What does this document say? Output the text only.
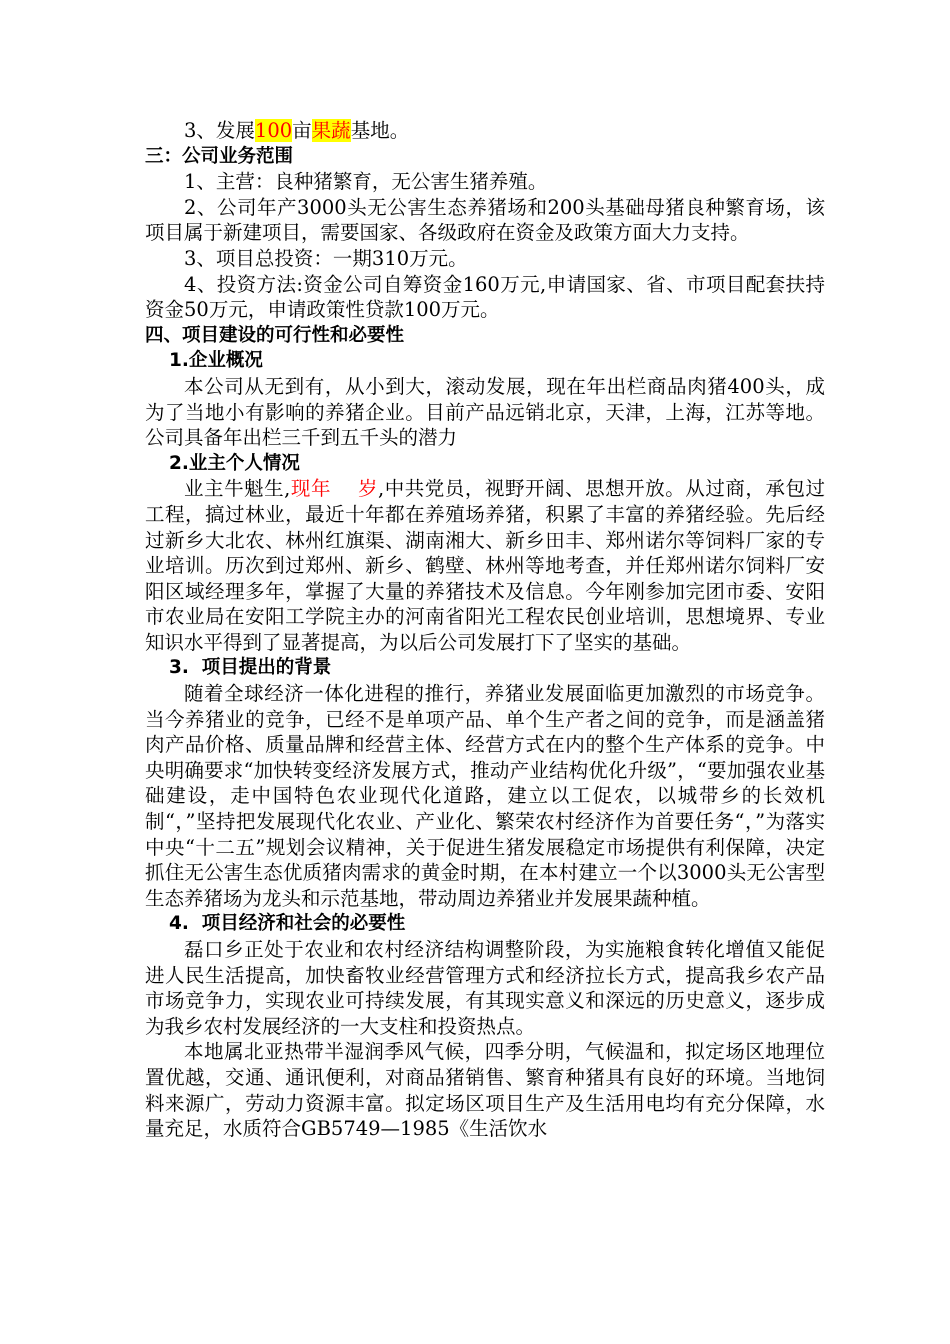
3、发展100亩果蔬基地。

三：公司业务范围

1、主营：良种猪繁育，无公害生猪养殖。

2、公司年产3000头无公害生态养猪场和200头基础母猪良种繁育场，该项目属于新建项目，需要国家、各级政府在资金及政策方面大力支持。

3、项目总投资：一期310万元。

4、投资方法:资金公司自筹资金160万元,申请国家、省、市项目配套扶持资金50万元，申请政策性贷款100万元。

四、项目建设的可行性和必要性

1.企业概况

本公司从无到有，从小到大，滚动发展，现在年出栏商品肉猪400头，成为了当地小有影响的养猪企业。目前产品远销北京，天津，上海，江苏等地。公司具备年出栏三千到五千头的潜力

2.业主个人情况

业主牛魁生,现年    岁,中共党员，视野开阔、思想开放。从过商，承包过工程，搞过林业，最近十年都在养殖场养猪，积累了丰富的养猪经验。先后经过新乡大北农、林州红旗渠、湖南湘大、新乡田丰、郑州诺尔等饲料厂家的专业培训。历次到过郑州、新乡、鹤壁、林州等地考查，并任郑州诺尔饲料厂安阳区域经理多年，掌握了大量的养猪技术及信息。今年刚参加完团市委、安阳市农业局在安阳工学院主办的河南省阳光工程农民创业培训，思想境界、专业知识水平得到了显著提高，为以后公司发展打下了坚实的基础。

3.  项目提出的背景

随着全球经济一体化进程的推行，养猪业发展面临更加激烈的市场竞争。当今养猪业的竞争，已经不是单项产品、单个生产者之间的竞争，而是涵盖猪肉产品价格、质量品牌和经营主体、经营方式在内的整个生产体系的竞争。中央明确要求“加快转变经济发展方式，推动产业结构优化升级”，“要加强农业基础建设，走中国特色农业现代化道路，建立以工促农，以城带乡的长效机制“，”坚持把发展现代化农业、产业化、繁荣农村经济作为首要任务“，”为落实中央“十二五”规划会议精神，关于促进生猪发展稳定市场提供有利保障，决定抓住无公害生态优质猪肉需求的黄金时期，在本村建立一个以3000头无公害型生态养猪场为龙头和示范基地，带动周边养猪业并发展果蔬种植。

4.  项目经济和社会的必要性

磊口乡正处于农业和农村经济结构调整阶段，为实施粮食转化增值又能促进人民生活提高，加快畜牧业经营管理方式和经济拉长方式，提高我乡农产品市场竞争力，实现农业可持续发展，有其现实意义和深远的历史意义，逐步成为我乡农村发展经济的一大支柱和投资热点。

本地属北亚热带半湿润季风气候，四季分明，气候温和，拟定场区地理位置优越，交通、通讯便利，对商品猪销售、繁育种猪具有良好的环境。当地饲料来源广，劳动力资源丰富。拟定场区项目生产及生活用电均有充分保障，水量充足，水质符合GB5749—1985《生活饮水
